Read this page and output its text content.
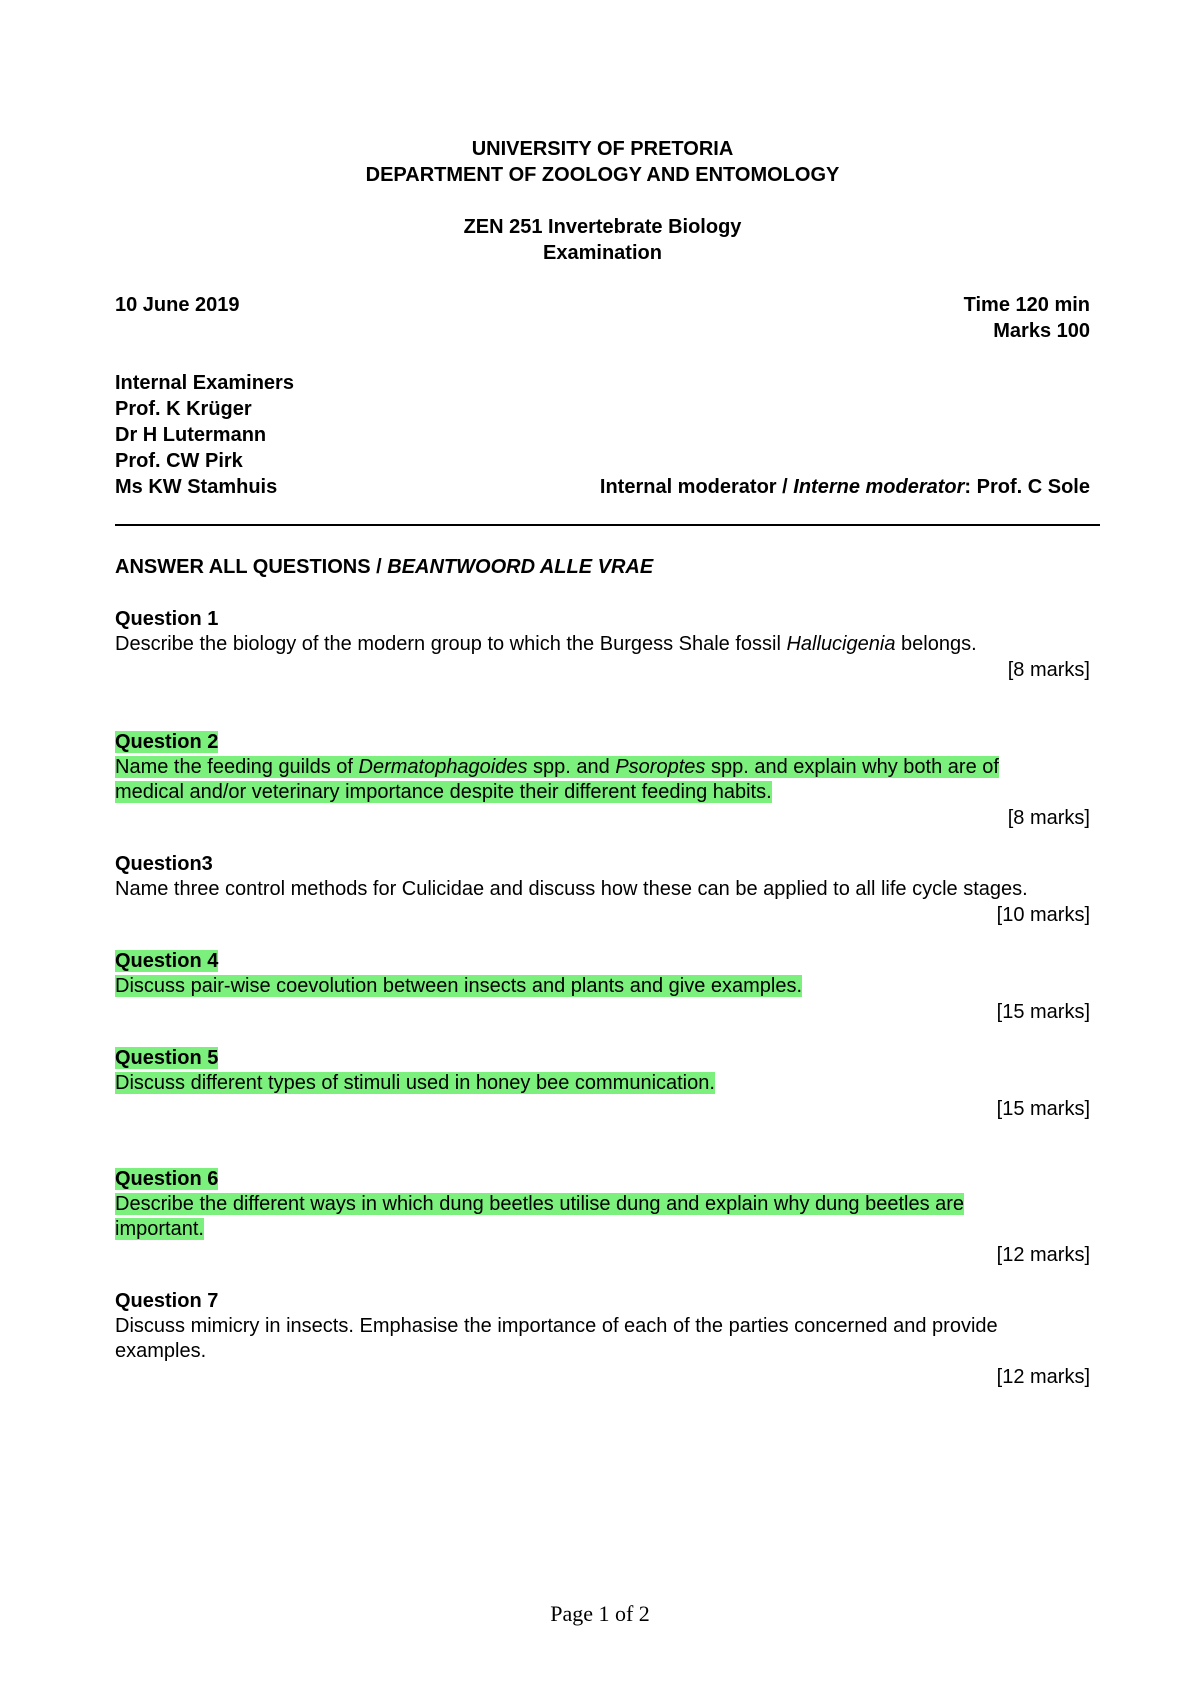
UNIVERSITY OF PRETORIA
DEPARTMENT OF ZOOLOGY AND ENTOMOLOGY
ZEN 251 Invertebrate Biology
Examination
10 June 2019	Time 120 min
Marks 100
Internal Examiners
Prof. K Krüger
Dr H Lutermann
Prof. CW Pirk
Ms KW Stamhuis	Internal moderator / Interne moderator: Prof. C Sole
ANSWER ALL QUESTIONS / BEANTWOORD ALLE VRAE
Question 1
Describe the biology of the modern group to which the Burgess Shale fossil Hallucigenia belongs.
[8 marks]
Question 2
Name the feeding guilds of Dermatophagoides spp. and Psoroptes spp. and explain why both are of
medical and/or veterinary importance despite their different feeding habits.
[8 marks]
Question3
Name three control methods for Culicidae and discuss how these can be applied to all life cycle stages.
[10 marks]
Question 4
Discuss pair-wise coevolution between insects and plants and give examples.
[15 marks]
Question 5
Discuss different types of stimuli used in honey bee communication.
[15 marks]
Question 6
Describe the different ways in which dung beetles utilise dung and explain why dung beetles are
important.
[12 marks]
Question 7
Discuss mimicry in insects. Emphasise the importance of each of the parties concerned and provide examples.
[12 marks]
Page 1 of 2
